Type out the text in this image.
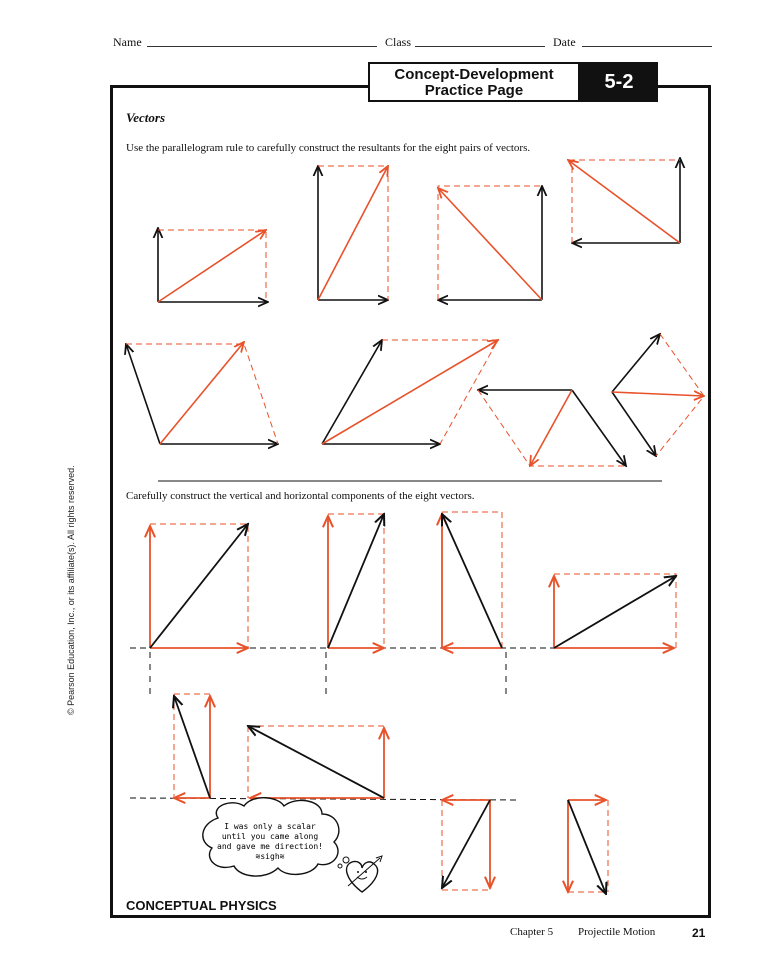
Name	Class	Date
Concept-Development
Practice Page	5-2
Vectors
Use the parallelogram rule to carefully construct the resultants for the eight pairs of vectors.
Carefully construct the vertical and horizontal components of the eight vectors.
© Pearson Education, Inc., or its affiliate(s). All rights reserved.
I was only a scalar
until you came along
and gave me direction!
≋sigh≋
CONCEPTUAL PHYSICS
Chapter 5 Projectile Motion	21
